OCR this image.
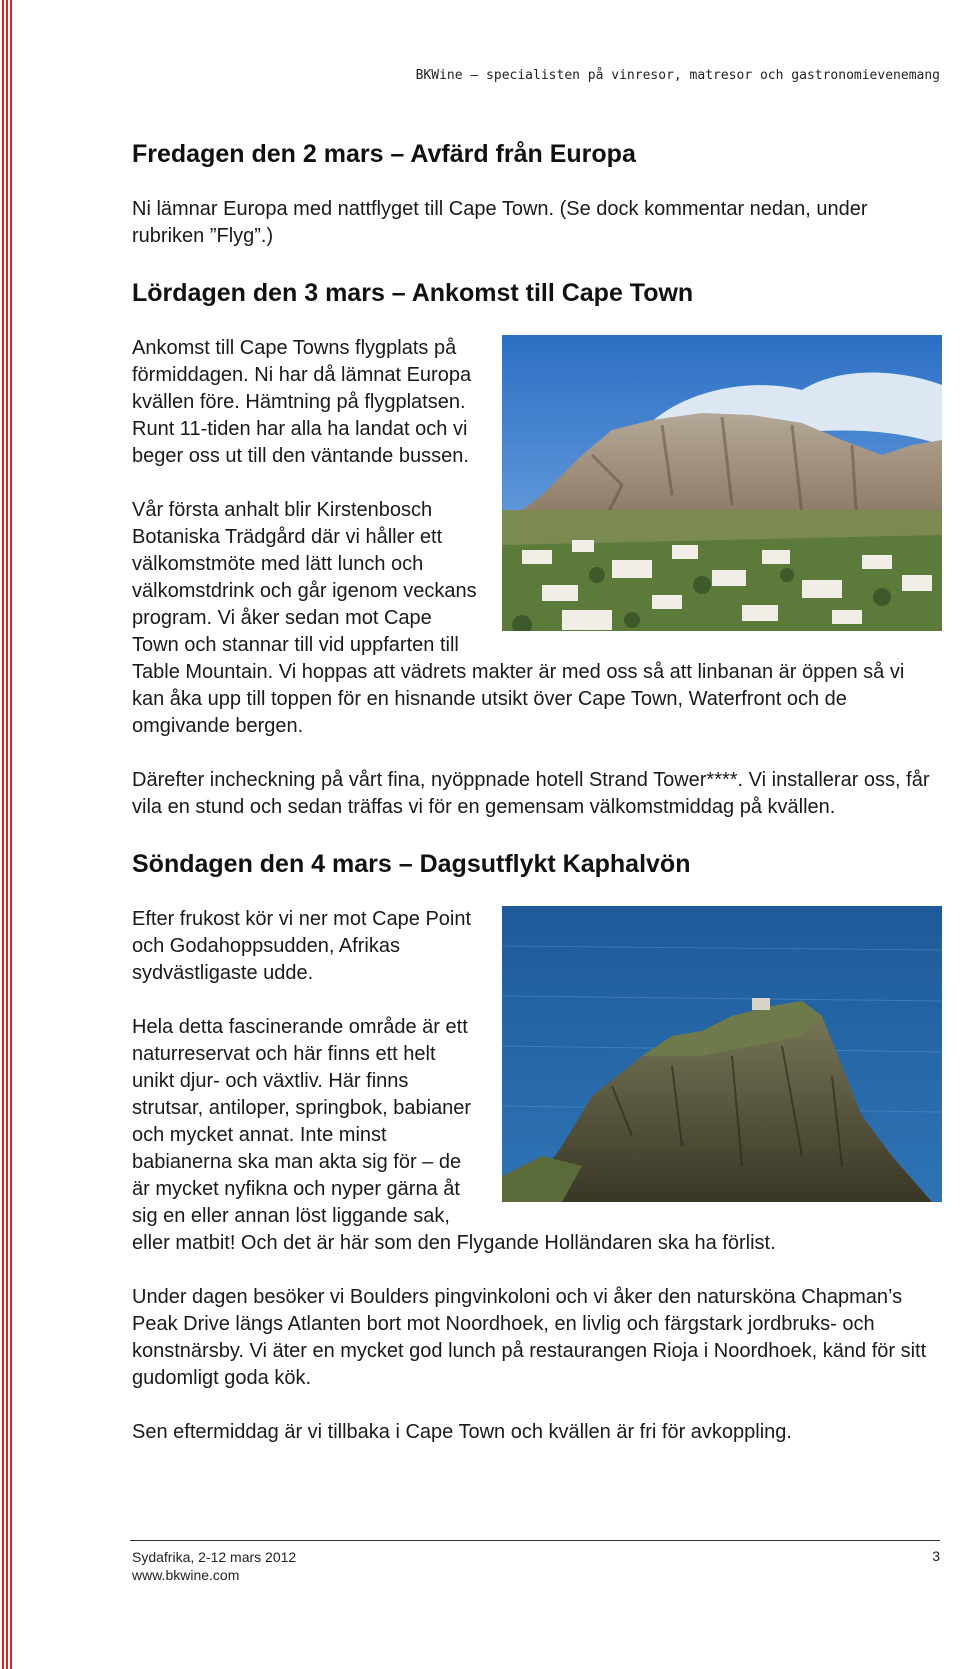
BKWine – specialisten på vinresor, matresor och gastronomievenemang
Fredagen den 2 mars – Avfärd från Europa

Ni lämnar Europa med nattflyget till Cape Town. (Se dock kommentar nedan, under rubriken ”Flyg”.)

Lördagen den 3 mars – Ankomst till Cape Town

Ankomst till Cape Towns flygplats på förmiddagen. Ni har då lämnat Europa kvällen före. Hämtning på flygplatsen. Runt 11-tiden har alla ha landat och vi beger oss ut till den väntande bussen.

Vår första anhalt blir Kirstenbosch Botaniska Trädgård där vi håller ett välkomstmöte med lätt lunch och välkomstdrink och går igenom veckans program. Vi åker sedan mot Cape Town och stannar till vid uppfarten till Table Mountain. Vi hoppas att vädrets makter är med oss så att linbanan är öppen så vi kan åka upp till toppen för en hisnande utsikt över Cape Town, Waterfront och de omgivande bergen.

Därefter incheckning på vårt fina, nyöppnade hotell Strand Tower****. Vi installerar oss, får vila en stund och sedan träffas vi för en gemensam välkomstmiddag på kvällen.

Söndagen den 4 mars – Dagsutflykt Kaphalvön

Efter frukost kör vi ner mot Cape Point och Godahoppsudden, Afrikas sydvästligaste udde.

Hela detta fascinerande område är ett naturreservat och här finns ett helt unikt djur- och växtliv. Här finns strutsar, antiloper, springbok, babianer och mycket annat. Inte minst babianerna ska man akta sig för – de är mycket nyfikna och nyper gärna åt sig en eller annan löst liggande sak, eller matbit! Och det är här som den Flygande Holländaren ska ha förlist.

Under dagen besöker vi Boulders pingvinkoloni och vi åker den natursköna Chapman’s Peak Drive längs Atlanten bort mot Noordhoek, en livlig och färgstark jordbruks- och konstnärsby. Vi äter en mycket god lunch på restaurangen Rioja i Noordhoek, känd för sitt gudomligt goda kök.

Sen eftermiddag är vi tillbaka i Cape Town och kvällen är fri för avkoppling.

Sydafrika, 2-12 mars 2012
www.bkwine.com
3
